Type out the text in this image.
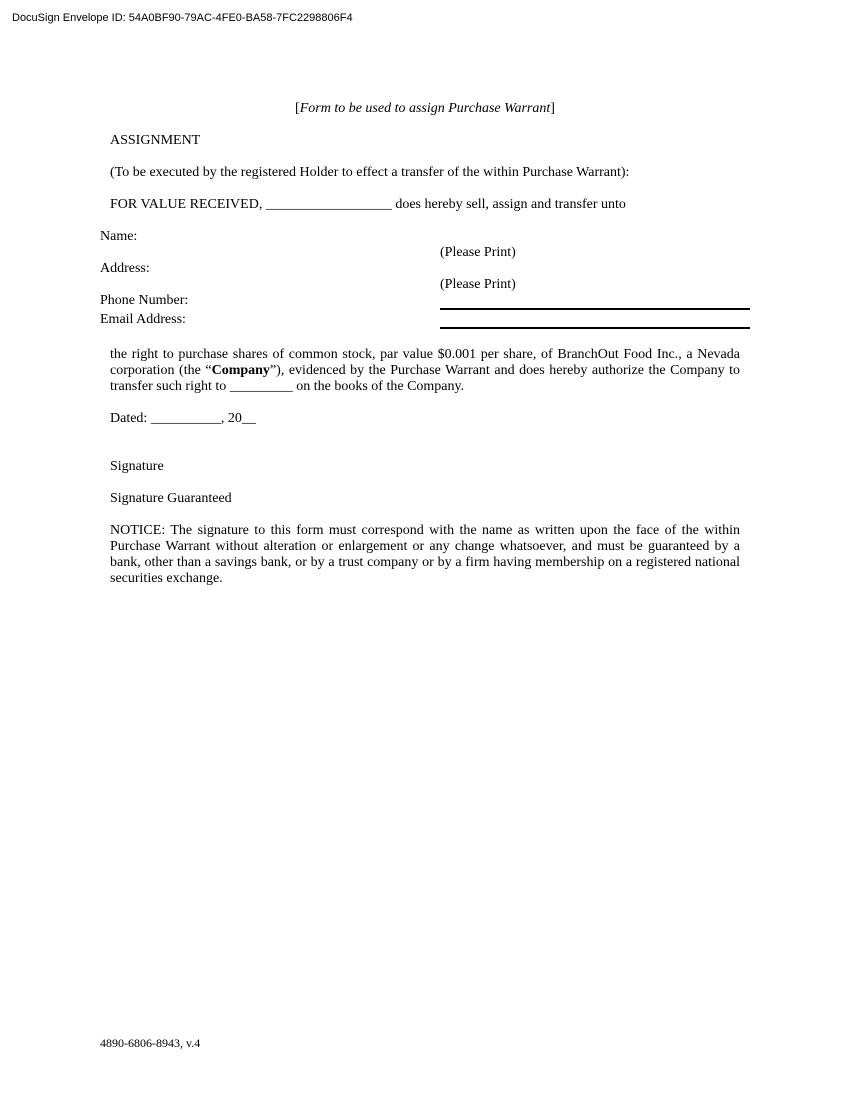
DocuSign Envelope ID: 54A0BF90-79AC-4FE0-BA58-7FC2298806F4
[Form to be used to assign Purchase Warrant]
ASSIGNMENT
(To be executed by the registered Holder to effect a transfer of the within Purchase Warrant):
FOR VALUE RECEIVED, __________________ does hereby sell, assign and transfer unto
Name:
(Please Print)
Address:
(Please Print)
Phone Number:
Email Address:
the right to purchase shares of common stock, par value $0.001 per share, of BranchOut Food Inc., a Nevada corporation (the “Company”), evidenced by the Purchase Warrant and does hereby authorize the Company to transfer such right to _________ on the books of the Company.
Dated: __________, 20__
Signature
Signature Guaranteed
NOTICE: The signature to this form must correspond with the name as written upon the face of the within Purchase Warrant without alteration or enlargement or any change whatsoever, and must be guaranteed by a bank, other than a savings bank, or by a trust company or by a firm having membership on a registered national securities exchange.
4890-6806-8943, v.4
